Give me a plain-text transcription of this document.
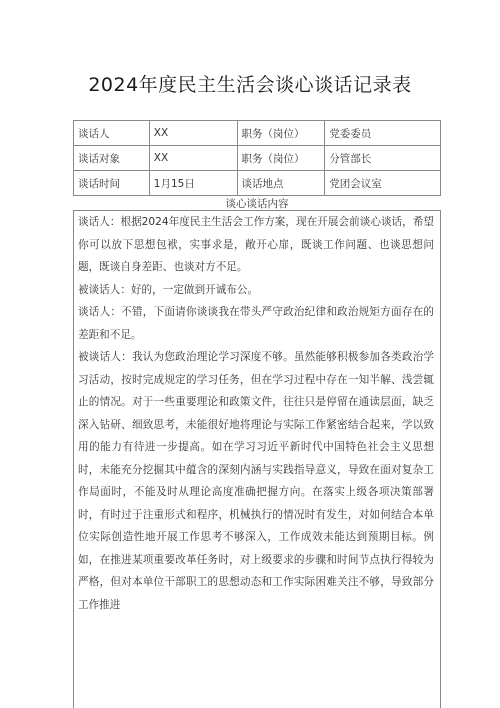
2024年度民主生活会谈心谈话记录表
谈话人	XX	职务（岗位）	党委委员
谈话对象	XX	职务（岗位）	分管部长
谈话时间	1月15日	谈话地点	党团会议室
谈心谈话内容

谈话人：根据2024年度民主生活会工作方案，现在开展会前谈心谈话，希望你可以放下思想包袱，实事求是，敞开心扉，既谈工作问题、也谈思想问题，既谈自身差距、也谈对方不足。

被谈话人：好的，一定做到开诚布公。

谈话人：不错，下面请你谈谈我在带头严守政治纪律和政治规矩方面存在的差距和不足。

被谈话人：我认为您政治理论学习深度不够。虽然能够积极参加各类政治学习活动，按时完成规定的学习任务，但在学习过程中存在一知半解、浅尝辄止的情况。对于一些重要理论和政策文件，往往只是停留在通读层面，缺乏深入钻研、细致思考，未能很好地将理论与实际工作紧密结合起来，学以致用的能力有待进一步提高。如在学习习近平新时代中国特色社会主义思想时，未能充分挖掘其中蕴含的深刻内涵与实践指导意义，导致在面对复杂工作局面时，不能及时从理论高度准确把握方向。在落实上级各项决策部署时，有时过于注重形式和程序，机械执行的情况时有发生，对如何结合本单位实际创造性地开展工作思考不够深入，工作成效未能达到预期目标。例如，在推进某项重要改革任务时，对上级要求的步骤和时间节点执行得较为严格，但对本单位干部职工的思想动态和工作实际困难关注不够，导致部分工作推进
